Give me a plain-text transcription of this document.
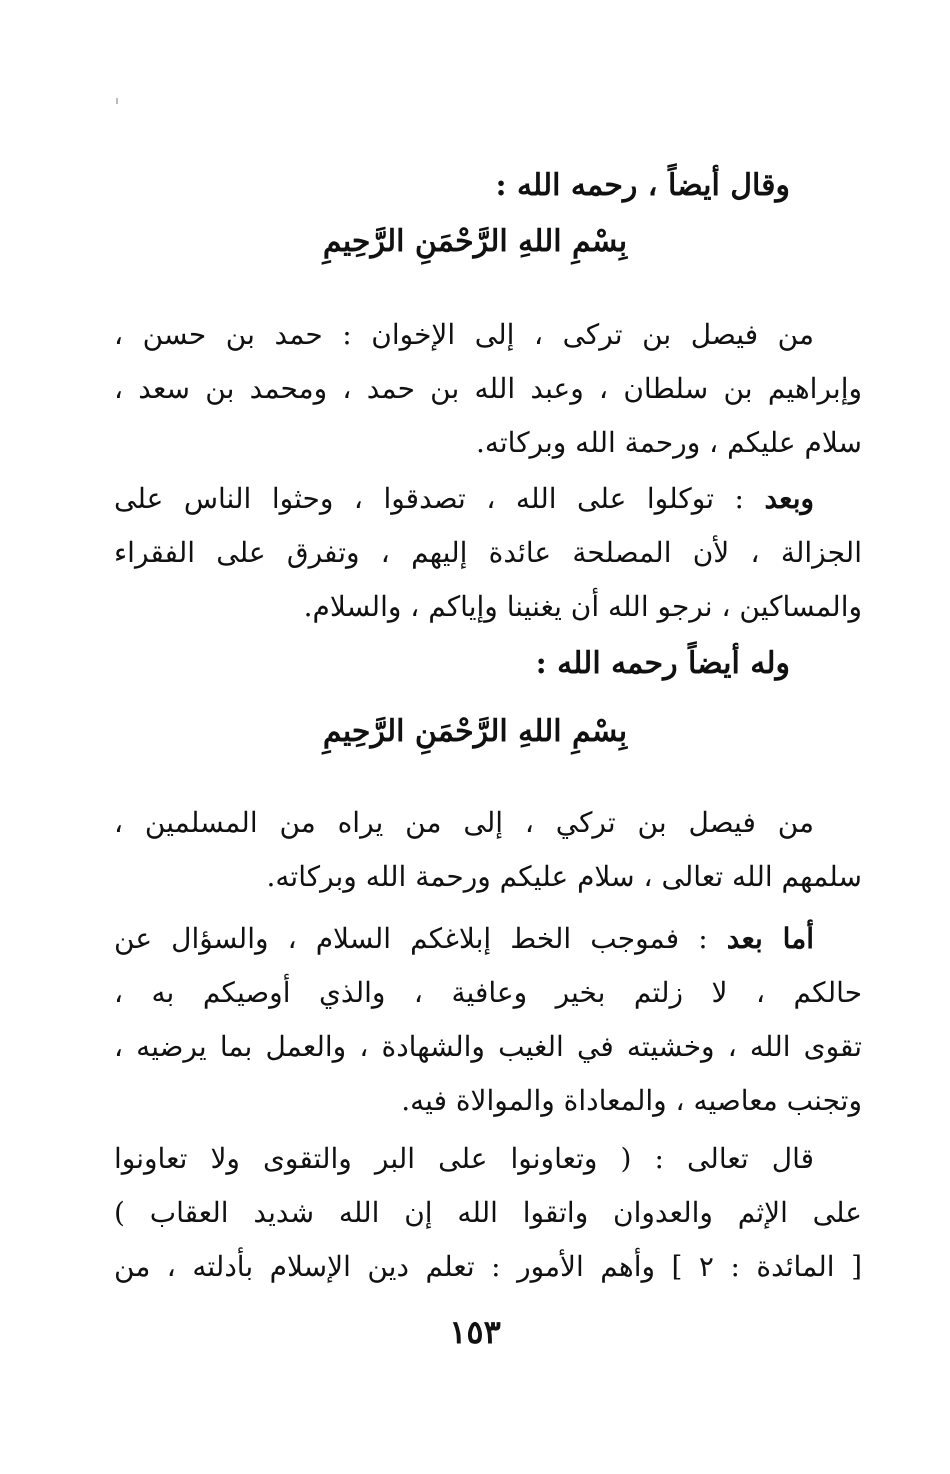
وقال أيضاً ، رحمه الله :
بِسْمِ اللهِ الرَّحْمَنِ الرَّحِيمِ
من فيصل بن تركى ، إلى الإخوان : حمد بن حسن ،
وإبراهيم بن سلطان ، وعبد الله بن حمد ، ومحمد بن سعد ،
سلام عليكم ، ورحمة الله وبركاته.
وبعد : توكلوا على الله ، تصدقوا ، وحثوا الناس على
الجزالة ، لأن المصلحة عائدة إليهم ، وتفرق على الفقراء
والمساكين ، نرجو الله أن يغنينا وإياكم ، والسلام.
وله أيضاً رحمه الله :
بِسْمِ اللهِ الرَّحْمَنِ الرَّحِيمِ
من فيصل بن تركي ، إلى من يراه من المسلمين ،
سلمهم الله تعالى ، سلام عليكم ورحمة الله وبركاته.
أما بعد : فموجب الخط إبلاغكم السلام ، والسؤال عن
حالكم ، لا زلتم بخير وعافية ، والذي أوصيكم به ،
تقوى الله ، وخشيته في الغيب والشهادة ، والعمل بما يرضيه ،
وتجنب معاصيه ، والمعاداة والموالاة فيه.
قال تعالى : ( وتعاونوا على البر والتقوى ولا تعاونوا
على الإثم والعدوان واتقوا الله إن الله شديد العقاب )
[ المائدة : ٢ ] وأهم الأمور : تعلم دين الإسلام بأدلته ، من
١٥٣
